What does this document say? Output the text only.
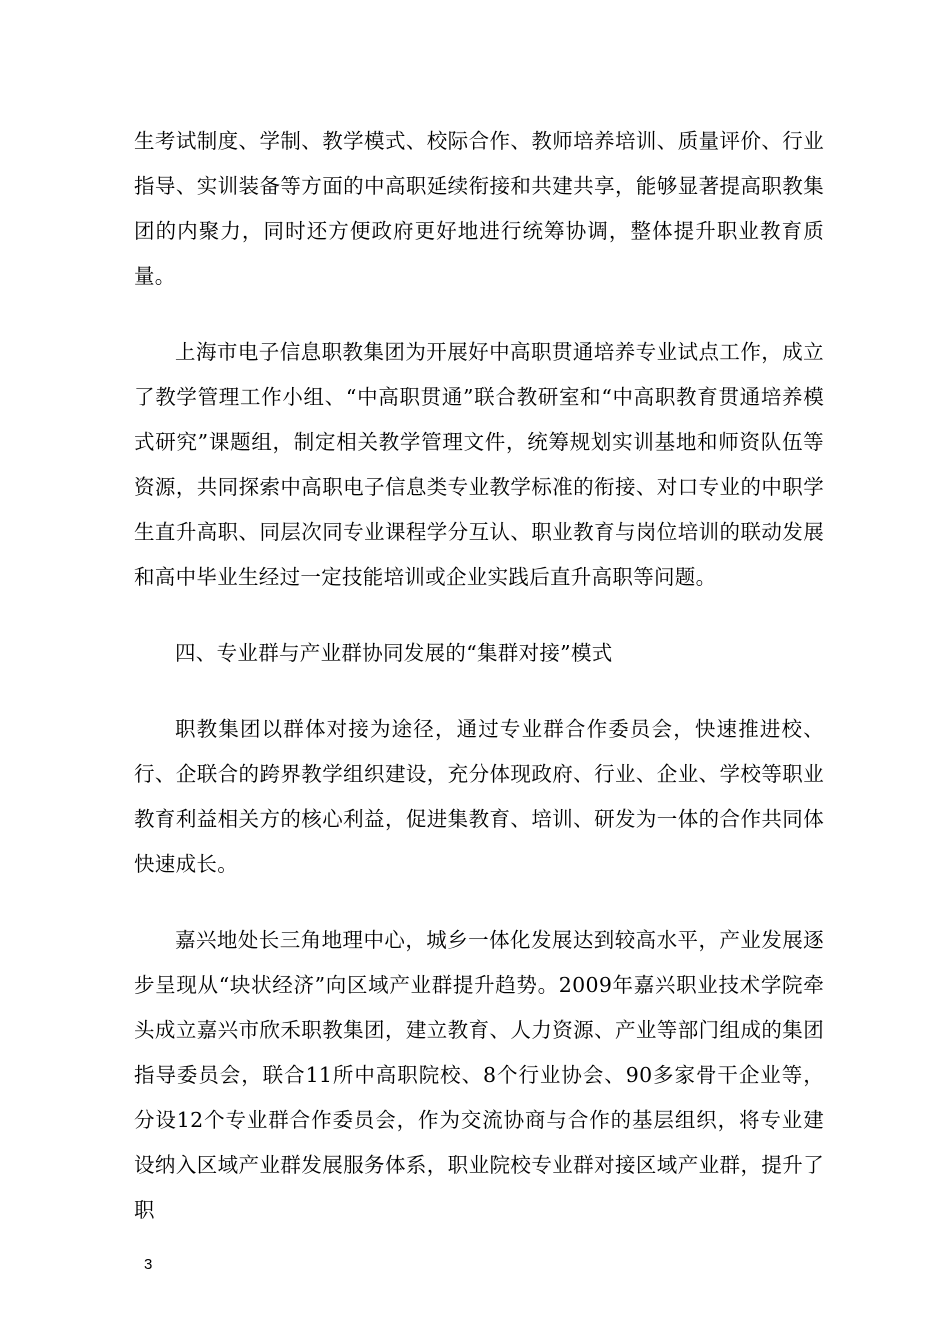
生考试制度、学制、教学模式、校际合作、教师培养培训、质量评价、行业指导、实训装备等方面的中高职延续衔接和共建共享，能够显著提高职教集团的内聚力，同时还方便政府更好地进行统筹协调，整体提升职业教育质量。

上海市电子信息职教集团为开展好中高职贯通培养专业试点工作，成立了教学管理工作小组、“中高职贯通”联合教研室和“中高职教育贯通培养模式研究”课题组，制定相关教学管理文件，统筹规划实训基地和师资队伍等资源，共同探索中高职电子信息类专业教学标准的衔接、对口专业的中职学生直升高职、同层次同专业课程学分互认、职业教育与岗位培训的联动发展和高中毕业生经过一定技能培训或企业实践后直升高职等问题。

四、专业群与产业群协同发展的“集群对接”模式

职教集团以群体对接为途径，通过专业群合作委员会，快速推进校、行、企联合的跨界教学组织建设，充分体现政府、行业、企业、学校等职业教育利益相关方的核心利益，促进集教育、培训、研发为一体的合作共同体快速成长。

嘉兴地处长三角地理中心，城乡一体化发展达到较高水平，产业发展逐步呈现从“块状经济”向区域产业群提升趋势。2009年嘉兴职业技术学院牵头成立嘉兴市欣禾职教集团，建立教育、人力资源、产业等部门组成的集团指导委员会，联合11所中高职院校、8个行业协会、90多家骨干企业等，分设12个专业群合作委员会，作为交流协商与合作的基层组织，将专业建设纳入区域产业群发展服务体系，职业院校专业群对接区域产业群，提升了职

3
